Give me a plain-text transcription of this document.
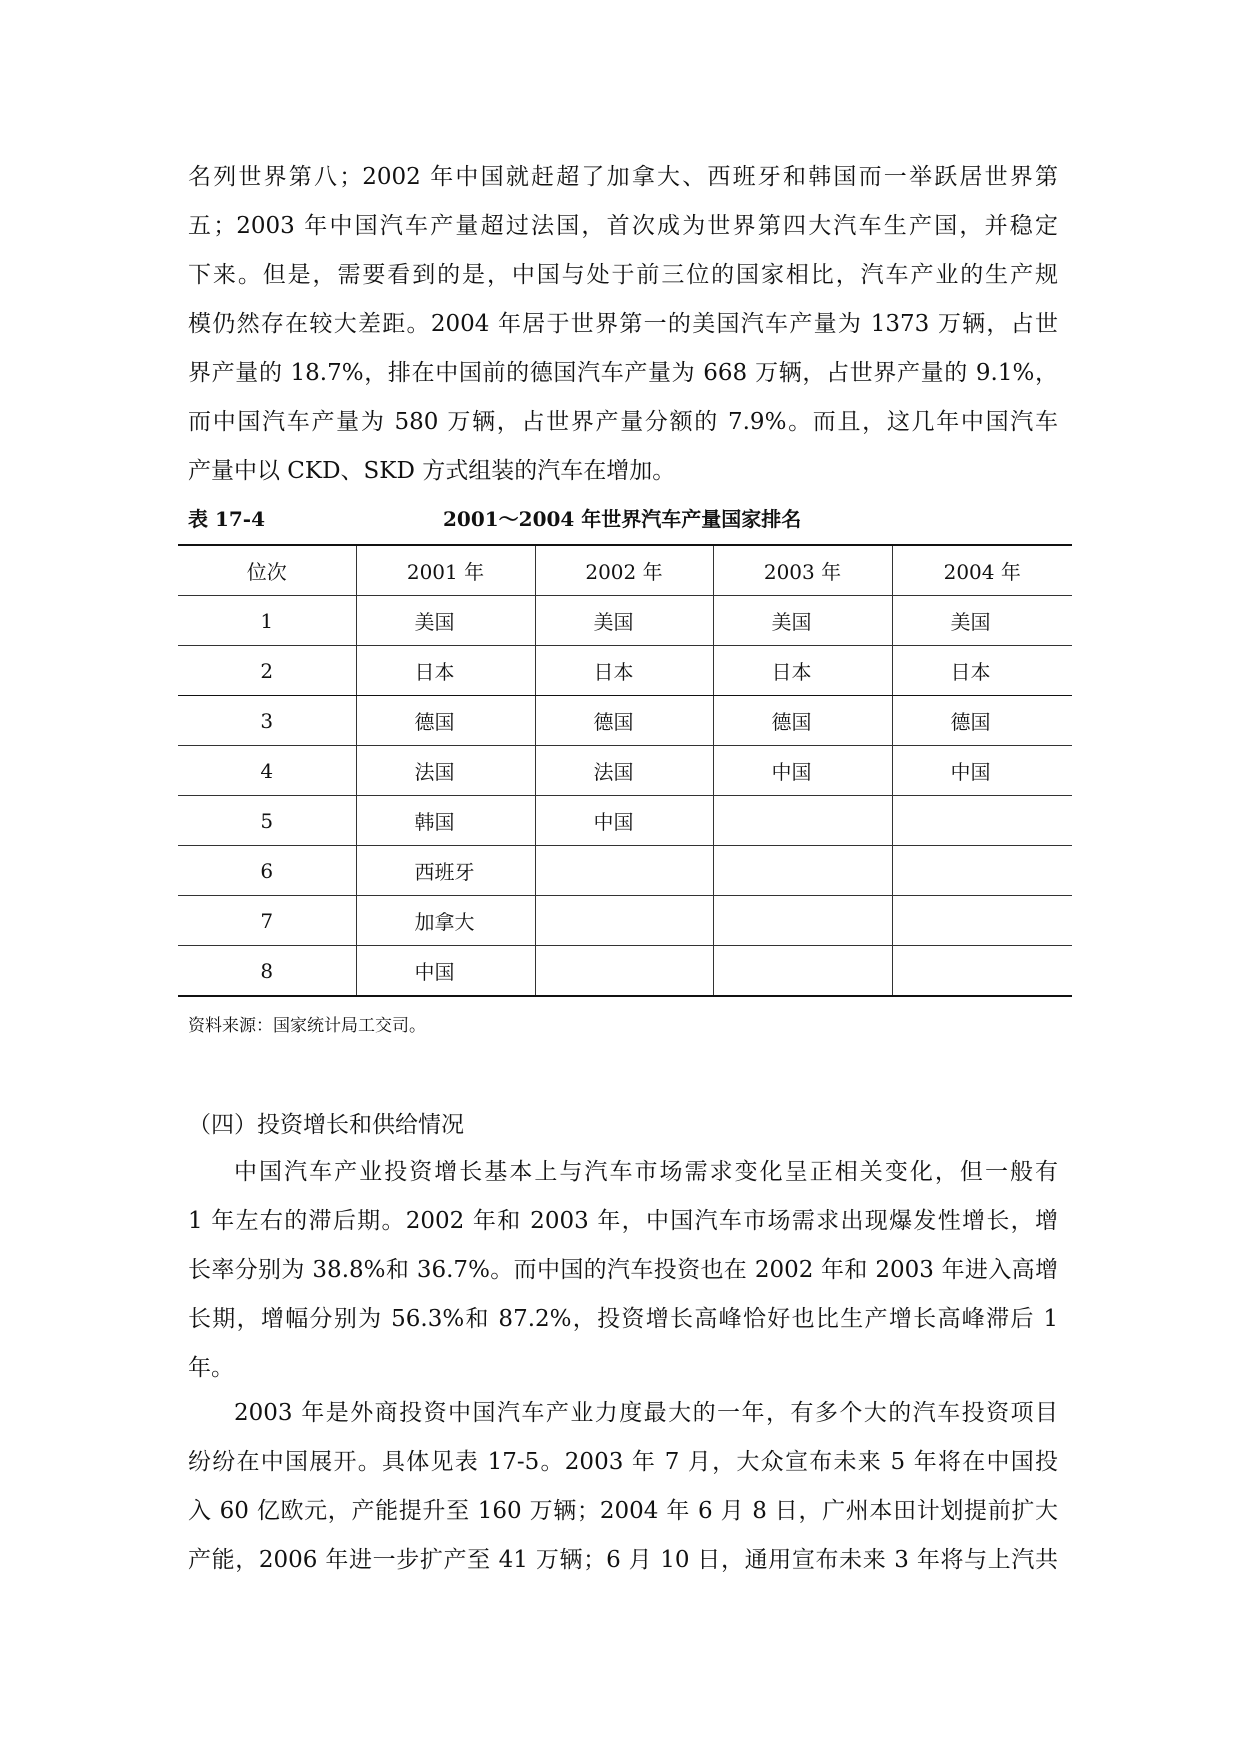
名列世界第八；2002 年中国就赶超了加拿大、西班牙和韩国而一举跃居世界第
五；2003 年中国汽车产量超过法国，首次成为世界第四大汽车生产国，并稳定
下来。但是，需要看到的是，中国与处于前三位的国家相比，汽车产业的生产规
模仍然存在较大差距。2004 年居于世界第一的美国汽车产量为 1373 万辆，占世
界产量的 18.7%，排在中国前的德国汽车产量为 668 万辆，占世界产量的 9.1%，
而中国汽车产量为 580 万辆，占世界产量分额的 7.9%。而且，这几年中国汽车
产量中以 CKD、SKD 方式组装的汽车在增加。
表 17-4	2001～2004 年世界汽车产量国家排名
位次	2001 年	2002 年	2003 年	2004 年
1	美国	美国	美国	美国
2	日本	日本	日本	日本
3	德国	德国	德国	德国
4	法国	法国	中国	中国
5	韩国	中国		
6	西班牙			
7	加拿大			
8	中国			
资料来源：国家统计局工交司。
（四）投资增长和供给情况
中国汽车产业投资增长基本上与汽车市场需求变化呈正相关变化，但一般有
1 年左右的滞后期。2002 年和 2003 年，中国汽车市场需求出现爆发性增长，增
长率分别为 38.8%和 36.7%。而中国的汽车投资也在 2002 年和 2003 年进入高增
长期，增幅分别为 56.3%和 87.2%，投资增长高峰恰好也比生产增长高峰滞后 1
年。
2003 年是外商投资中国汽车产业力度最大的一年，有多个大的汽车投资项目
纷纷在中国展开。具体见表 17-5。2003 年 7 月，大众宣布未来 5 年将在中国投
入 60 亿欧元，产能提升至 160 万辆；2004 年 6 月 8 日，广州本田计划提前扩大
产能，2006 年进一步扩产至 41 万辆；6 月 10 日，通用宣布未来 3 年将与上汽共
